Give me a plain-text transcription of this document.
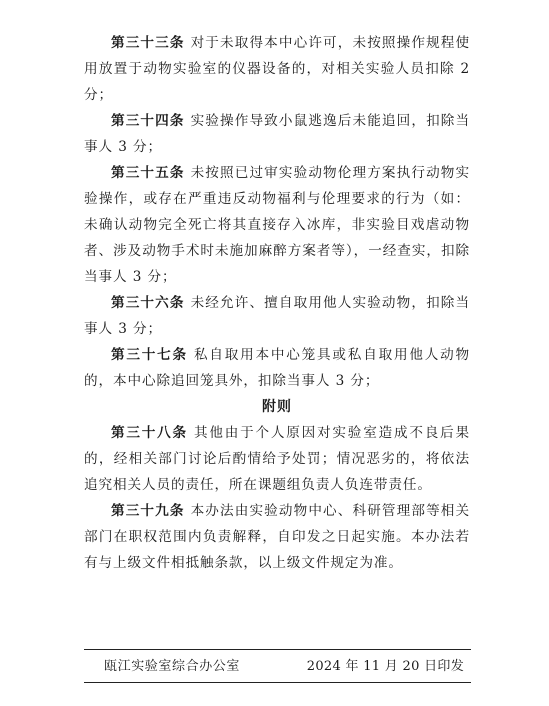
第三十三条 对于未取得本中心许可，未按照操作规程使用放置于动物实验室的仪器设备的，对相关实验人员扣除 2 分；

第三十四条 实验操作导致小鼠逃逸后未能追回，扣除当事人 3 分；

第三十五条 未按照已过审实验动物伦理方案执行动物实验操作，或存在严重违反动物福利与伦理要求的行为（如：未确认动物完全死亡将其直接存入冰库，非实验目戏虐动物者、涉及动物手术时未施加麻醉方案者等），一经查实，扣除当事人 3 分；

第三十六条 未经允许、擅自取用他人实验动物，扣除当事人 3 分；

第三十七条 私自取用本中心笼具或私自取用他人动物的，本中心除追回笼具外，扣除当事人 3 分；

附则

第三十八条 其他由于个人原因对实验室造成不良后果的，经相关部门讨论后酌情给予处罚；情况恶劣的，将依法追究相关人员的责任，所在课题组负责人负连带责任。

第三十九条 本办法由实验动物中心、科研管理部等相关部门在职权范围内负责解释，自印发之日起实施。本办法若有与上级文件相抵触条款，以上级文件规定为准。

瓯江实验室综合办公室	2024 年 11 月 20 日印发
